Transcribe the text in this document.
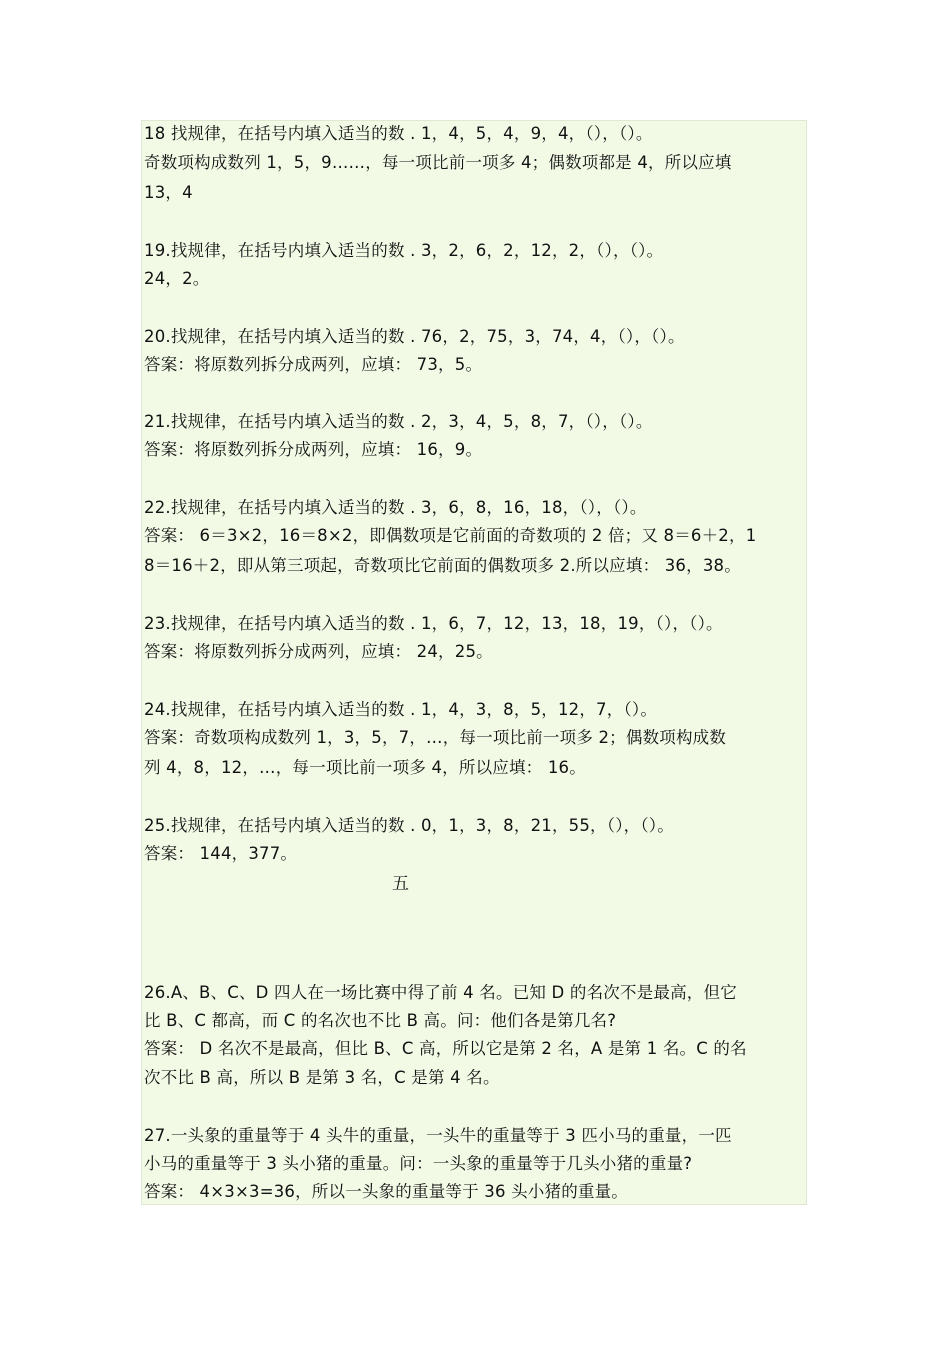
18 找规律，在括号内填入适当的数 . 1，4，5，4，9，4，（），（）。
奇数项构成数列 1，5，9……，每一项比前一项多 4；偶数项都是 4，所以应填
13，4
19.找规律，在括号内填入适当的数 . 3，2，6，2，12，2，（），（）。
24，2。
20.找规律，在括号内填入适当的数 . 76，2，75，3，74，4，（），（）。
答案：将原数列拆分成两列，应填： 73，5。
21.找规律，在括号内填入适当的数 . 2，3，4，5，8，7，（），（）。
答案：将原数列拆分成两列，应填： 16，9。
22.找规律，在括号内填入适当的数 . 3，6，8，16，18，（），（）。
答案： 6＝3×2，16＝8×2，即偶数项是它前面的奇数项的 2 倍；又 8＝6＋2，1
8＝16＋2，即从第三项起，奇数项比它前面的偶数项多 2.所以应填： 36，38。
23.找规律，在括号内填入适当的数 . 1，6，7，12，13，18，19，（），（）。
答案：将原数列拆分成两列，应填： 24，25。
24.找规律，在括号内填入适当的数 . 1，4，3，8，5，12，7，（）。
答案：奇数项构成数列 1，3，5，7，…，每一项比前一项多 2；偶数项构成数
列 4，8，12，…，每一项比前一项多 4，所以应填： 16。
25.找规律，在括号内填入适当的数 . 0，1，3，8，21，55，（），（）。
答案： 144，377。
五
26.A、B、C、D 四人在一场比赛中得了前 4 名。已知 D 的名次不是最高，但它
比 B、C 都高，而 C 的名次也不比 B 高。问：他们各是第几名?
答案： D 名次不是最高，但比 B、C 高，所以它是第 2 名，A 是第 1 名。C 的名
次不比 B 高，所以 B 是第 3 名，C 是第 4 名。
27.一头象的重量等于 4 头牛的重量，一头牛的重量等于 3 匹小马的重量，一匹
小马的重量等于 3 头小猪的重量。问：一头象的重量等于几头小猪的重量?
答案： 4×3×3=36，所以一头象的重量等于 36 头小猪的重量。
